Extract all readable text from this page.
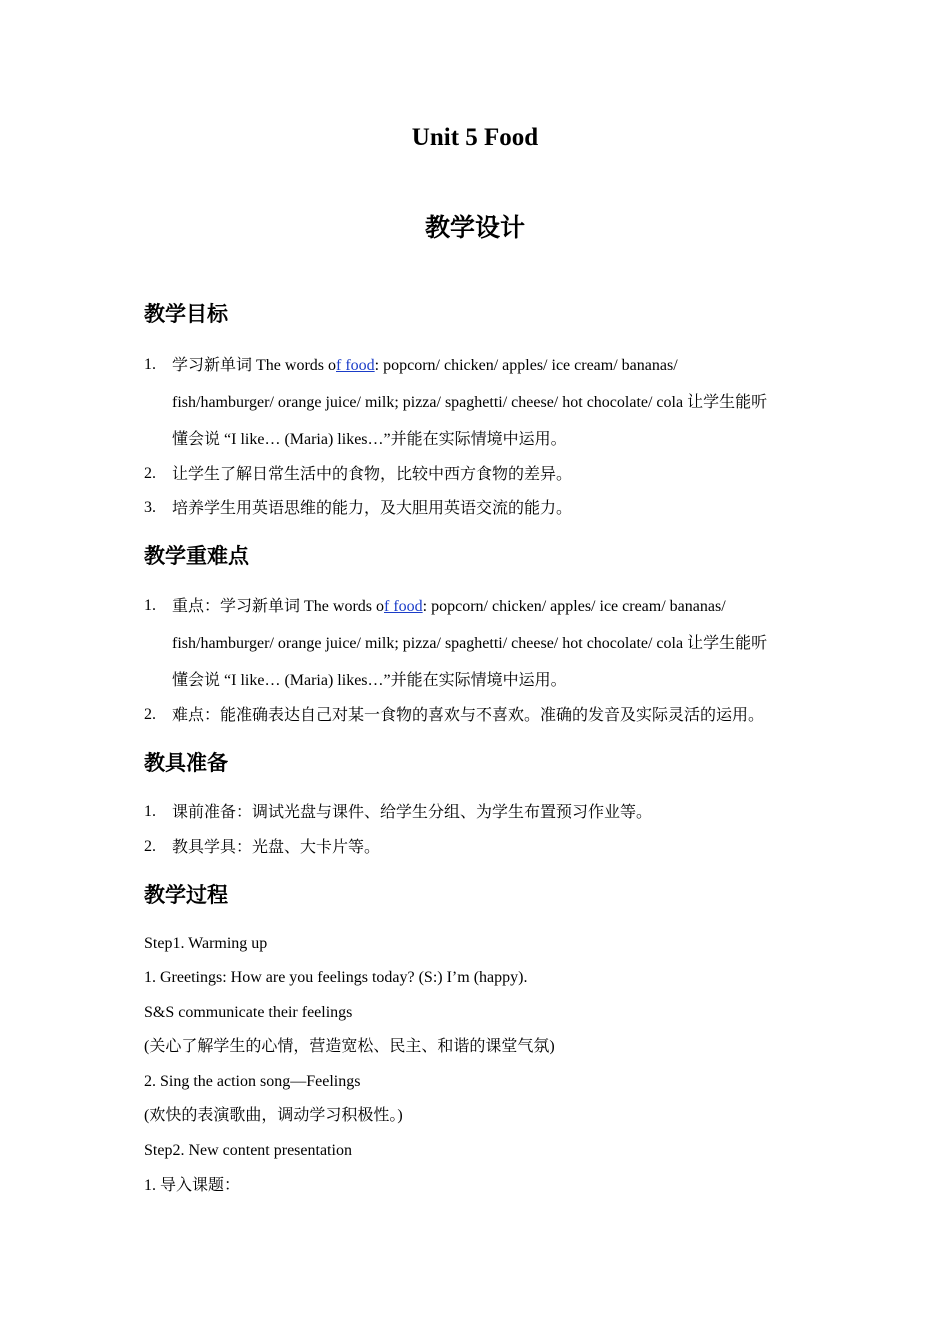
Unit 5 Food
教学设计
教学目标
1. 学习新单词 The words of food: popcorn/ chicken/ apples/ ice cream/ bananas/
fish/hamburger/ orange juice/ milk; pizza/ spaghetti/ cheese/ hot chocolate/ cola 让学生能听
懂会说 “I like… (Maria) likes…”并能在实际情境中运用。
2. 让学生了解日常生活中的食物，比较中西方食物的差异。
3. 培养学生用英语思维的能力，及大胆用英语交流的能力。
教学重难点
1. 重点：学习新单词 The words of food: popcorn/ chicken/ apples/ ice cream/ bananas/
fish/hamburger/ orange juice/ milk; pizza/ spaghetti/ cheese/ hot chocolate/ cola 让学生能听
懂会说 “I like… (Maria) likes…”并能在实际情境中运用。
2. 难点：能准确表达自己对某一食物的喜欢与不喜欢。准确的发音及实际灵活的运用。
教具准备
1. 课前准备：调试光盘与课件、给学生分组、为学生布置预习作业等。
2. 教具学具：光盘、大卡片等。
教学过程
Step1. Warming up
1. Greetings: How are you feelings today? (S:) I’m (happy).
S&S communicate their feelings
(关心了解学生的心情，营造宽松、民主、和谐的课堂气氛)
2. Sing the action song—Feelings
(欢快的表演歌曲，调动学习积极性。)
Step2. New content presentation
1. 导入课题：
